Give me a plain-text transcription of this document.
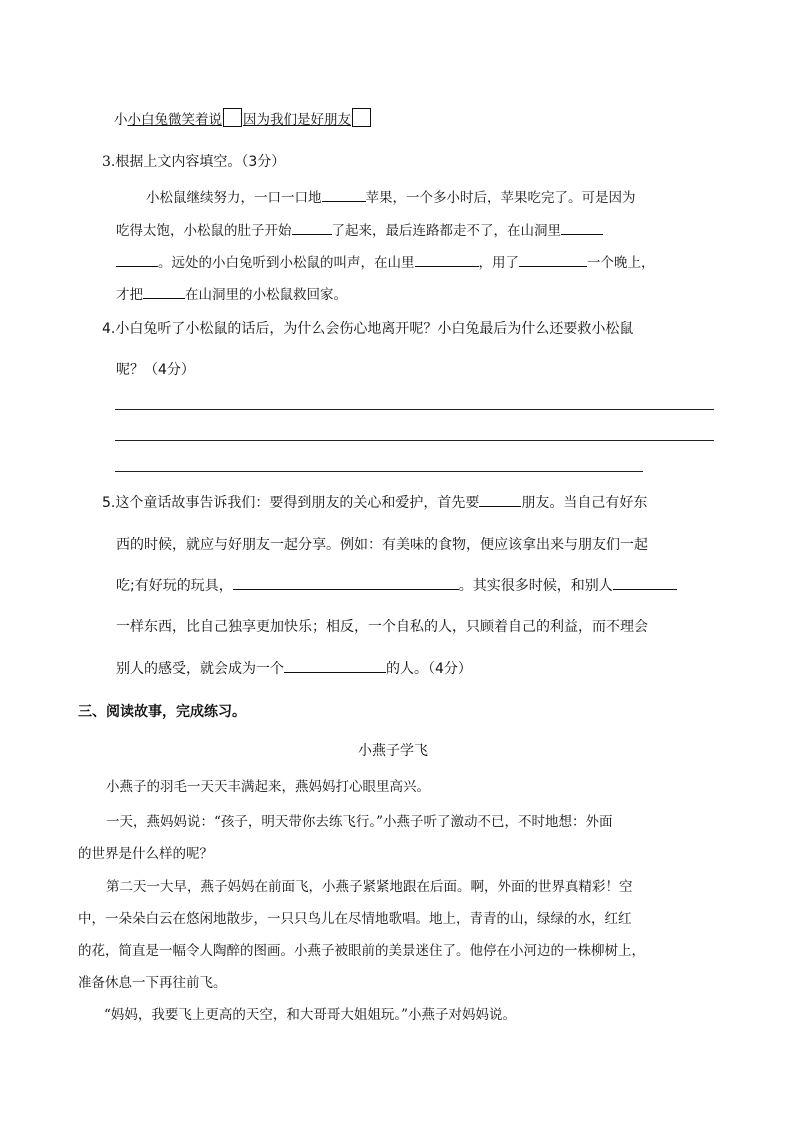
小小白兔微笑着说 因为我们是好朋友
3.根据上文内容填空。（3分）
小松鼠继续努力，一口一口地	苹果，一个多小时后，苹果吃完了。可是因为
吃得太饱，小松鼠的肚子开始	了起来，最后连路都走不了，在山洞里
。远处的小白兔听到小松鼠的叫声，在山里	，用了	一个晚上，
才把	在山洞里的小松鼠救回家。
4.小白兔听了小松鼠的话后，为什么会伤心地离开呢？小白兔最后为什么还要救小松鼠
呢？（4分）
5.这个童话故事告诉我们：要得到朋友的关心和爱护，首先要	朋友。当自己有好东
西的时候，就应与好朋友一起分享。例如：有美味的食物，便应该拿出来与朋友们一起
吃;有好玩的玩具，	。其实很多时候，和别人
一样东西，比自己独享更加快乐；相反，一个自私的人，只顾着自己的利益，而不理会
别人的感受，就会成为一个	的人。（4分）
三、阅读故事，完成练习。
小燕子学飞
小燕子的羽毛一天天丰满起来，燕妈妈打心眼里高兴。
一天，燕妈妈说：“孩子，明天带你去练飞行。”小燕子听了激动不已，不时地想：外面
的世界是什么样的呢？
第二天一大早，燕子妈妈在前面飞，小燕子紧紧地跟在后面。啊，外面的世界真精彩！空
中，一朵朵白云在悠闲地散步，一只只鸟儿在尽情地歌唱。地上，青青的山，绿绿的水，红红
的花，简直是一幅令人陶醉的图画。小燕子被眼前的美景迷住了。他停在小河边的一株柳树上，
准备休息一下再往前飞。
“妈妈，我要飞上更高的天空，和大哥哥大姐姐玩。”小燕子对妈妈说。
